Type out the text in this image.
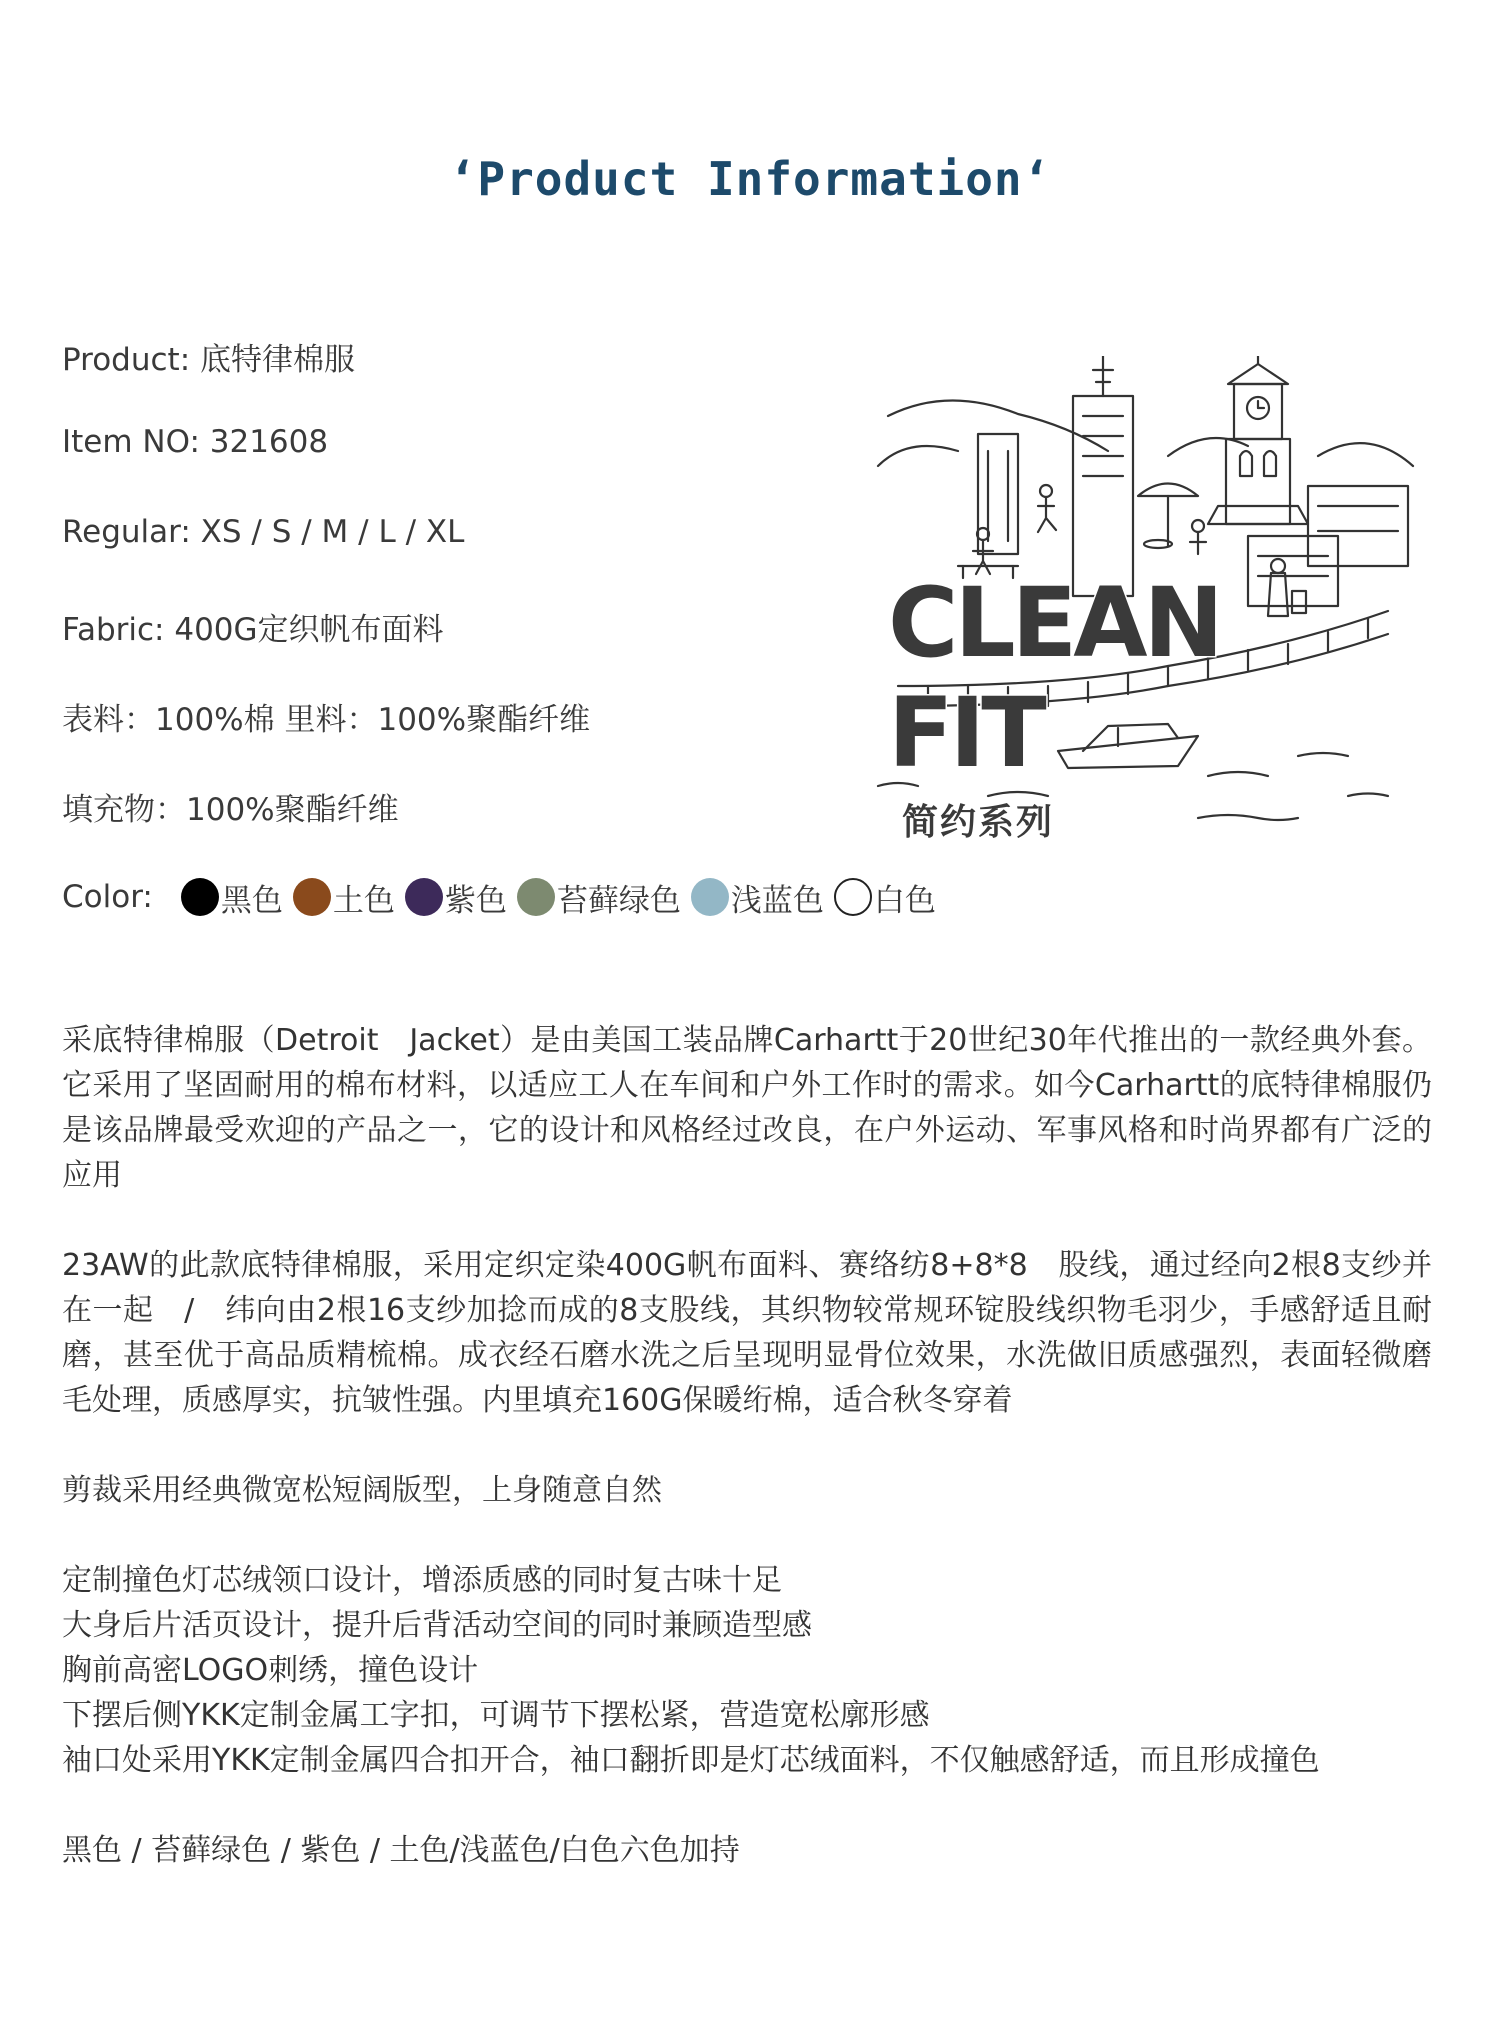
‘Product Information‘
Product: 底特律棉服
Item NO: 321608
Regular: XS / S / M / L / XL
Fabric: 400G定织帆布面料
表料：100%棉 里料：100%聚酯纤维
填充物：100%聚酯纤维
Color: 黑色 土色 紫色 苔藓绿色 浅蓝色 白色
CLEAN
FIT
简约系列

采底特律棉服（Detroit　Jacket）是由美国工装品牌Carhartt于20世纪30年代推出的一款经典外套。它采用了坚固耐用的棉布材料，以适应工人在车间和户外工作时的需求。如今Carhartt的底特律棉服仍是该品牌最受欢迎的产品之一，它的设计和风格经过改良，在户外运动、军事风格和时尚界都有广泛的应用

23AW的此款底特律棉服，采用定织定染400G帆布面料、赛络纺8+8*8　股线，通过经向2根8支纱并在一起　/　纬向由2根16支纱加捻而成的8支股线，其织物较常规环锭股线织物毛羽少，手感舒适且耐磨，甚至优于高品质精梳棉。成衣经石磨水洗之后呈现明显骨位效果，水洗做旧质感强烈，表面轻微磨毛处理，质感厚实，抗皱性强。内里填充160G保暖绗棉，适合秋冬穿着

剪裁采用经典微宽松短阔版型，上身随意自然

定制撞色灯芯绒领口设计，增添质感的同时复古味十足
大身后片活页设计，提升后背活动空间的同时兼顾造型感
胸前高密LOGO刺绣，撞色设计
下摆后侧YKK定制金属工字扣，可调节下摆松紧，营造宽松廓形感
袖口处采用YKK定制金属四合扣开合，袖口翻折即是灯芯绒面料，不仅触感舒适，而且形成撞色

黑色 / 苔藓绿色 / 紫色 / 土色/浅蓝色/白色六色加持
